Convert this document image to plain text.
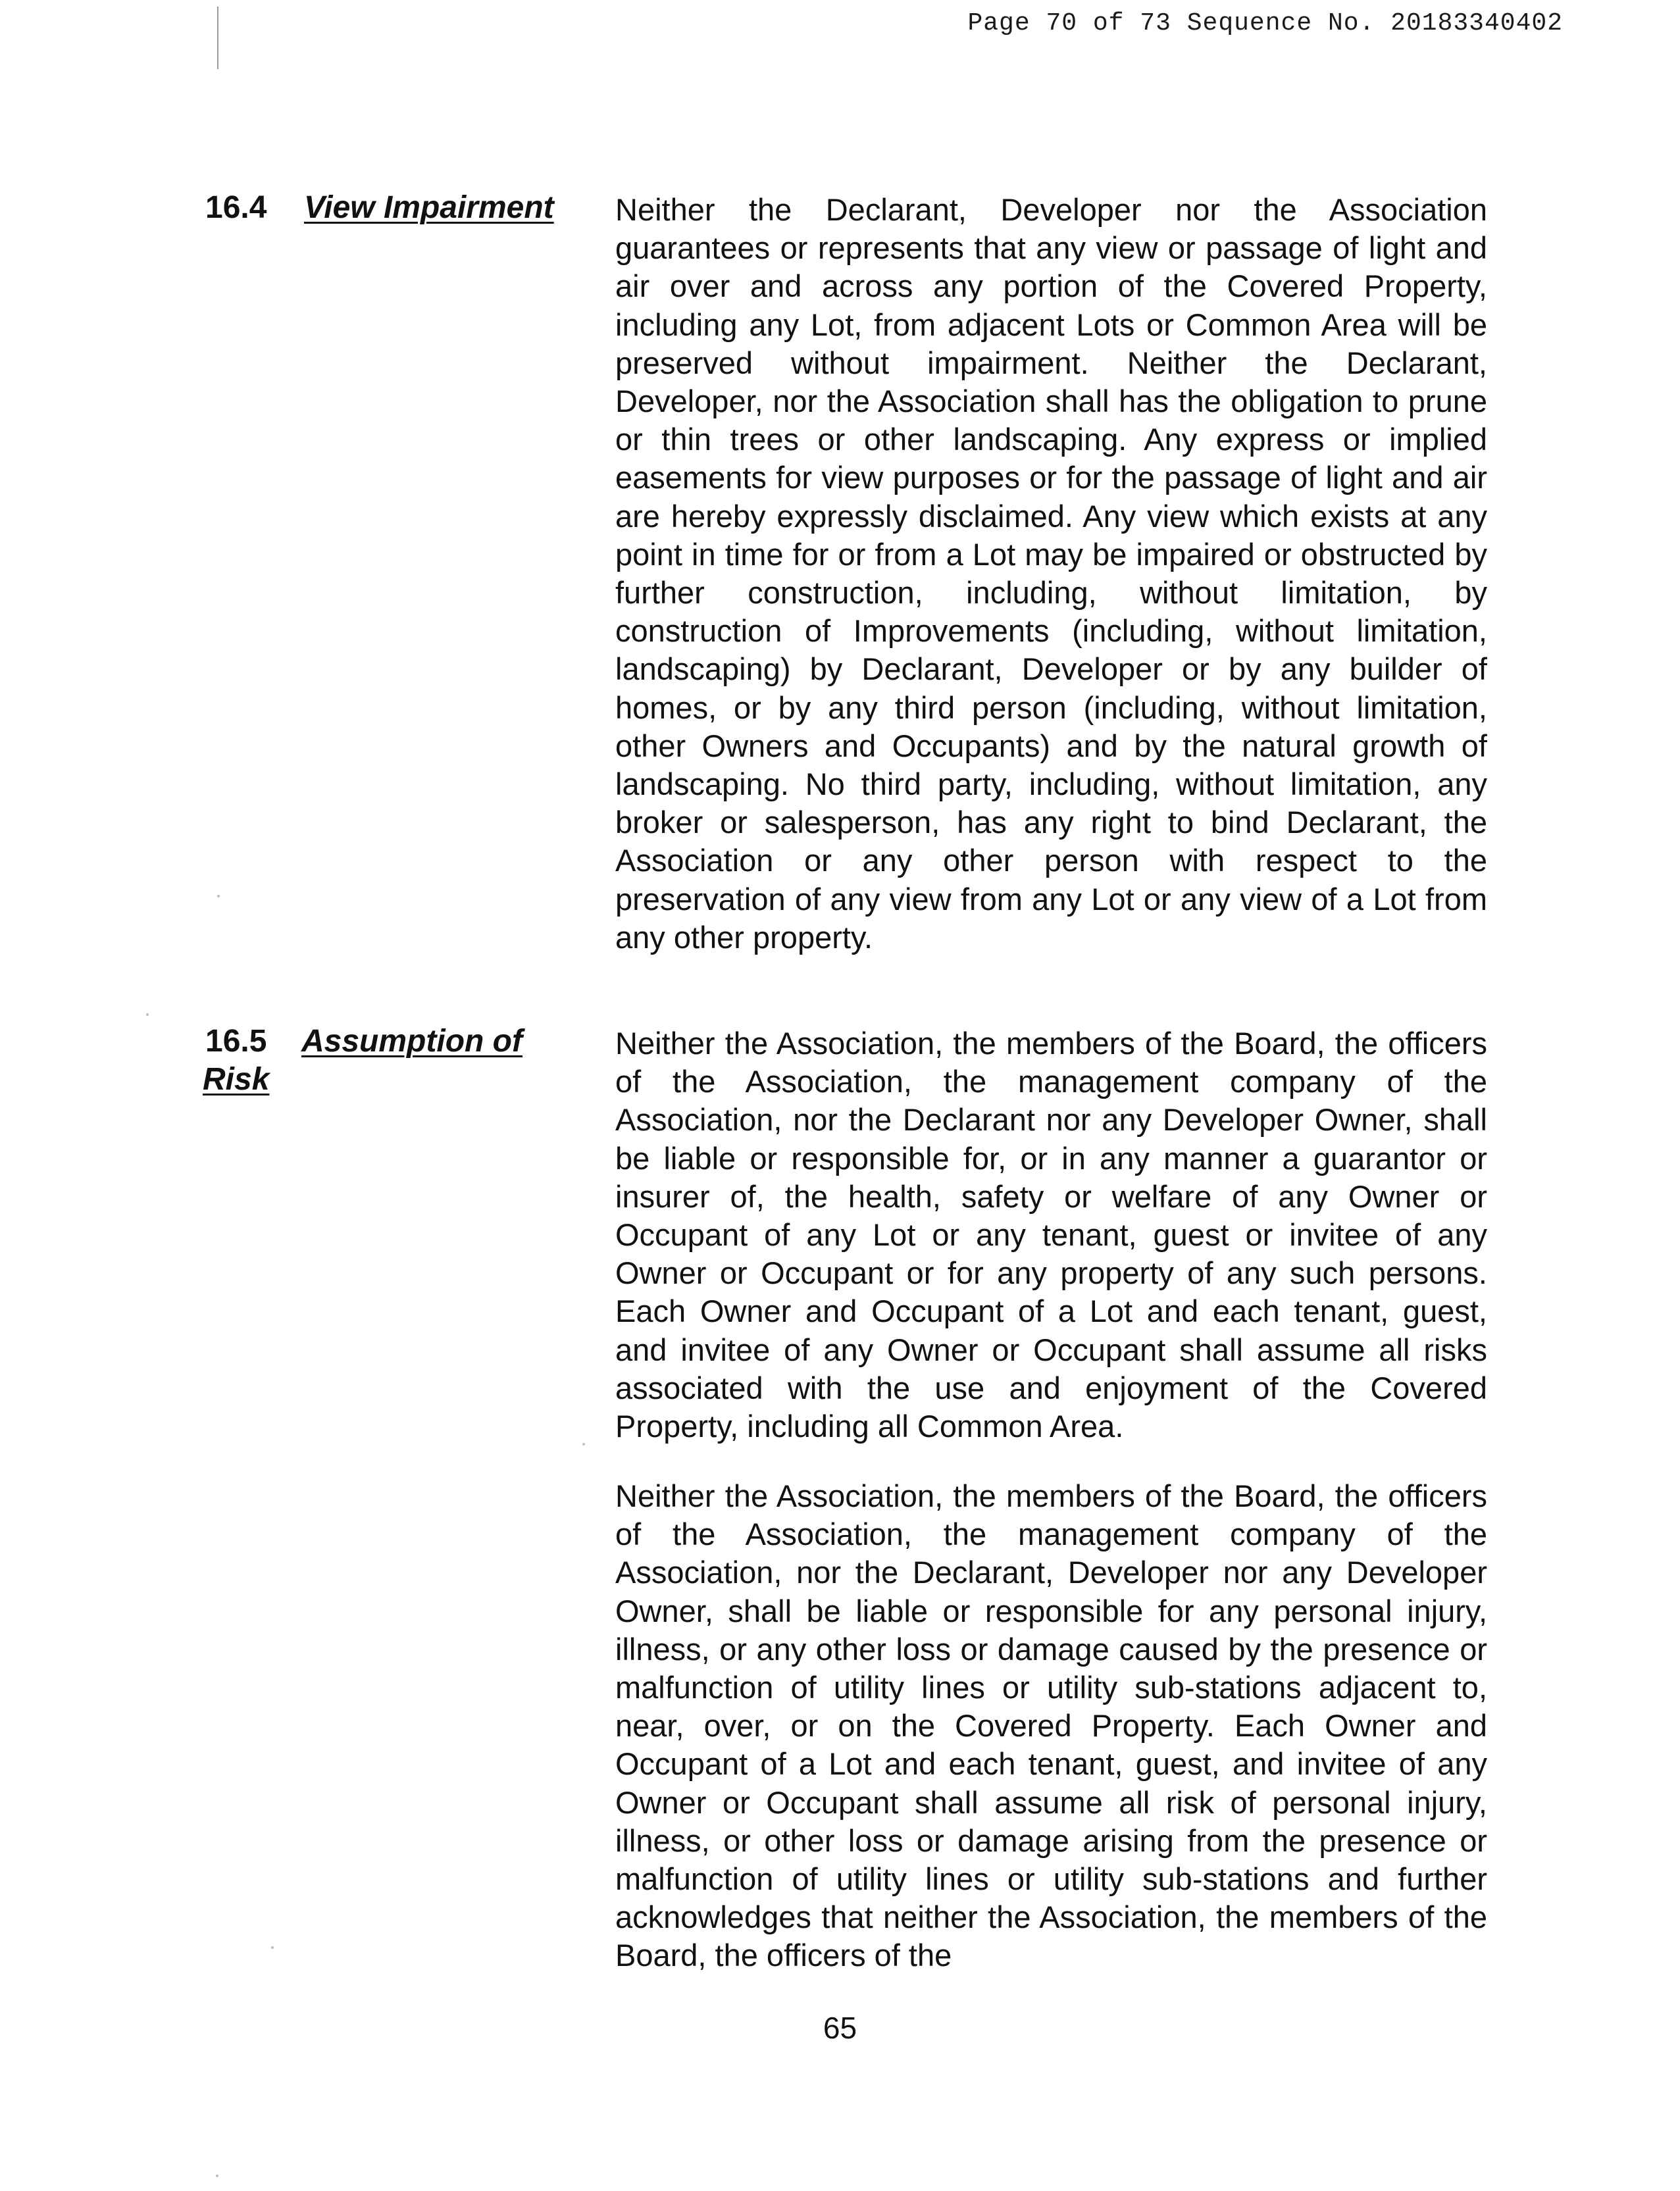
Page 70 of 73 Sequence No. 20183340402
16.4 View Impairment Neither the Declarant, Developer nor the Association guarantees or represents that any view or passage of light and air over and across any portion of the Covered Property, including any Lot, from adjacent Lots or Common Area will be preserved without impairment. Neither the Declarant, Developer, nor the Association shall has the obligation to prune or thin trees or other landscaping. Any express or implied easements for view purposes or for the passage of light and air are hereby expressly disclaimed. Any view which exists at any point in time for or from a Lot may be impaired or obstructed by further construction, including, without limitation, by construction of Improvements (including, without limitation, landscaping) by Declarant, Developer or by any builder of homes, or by any third person (including, without limitation, other Owners and Occupants) and by the natural growth of landscaping. No third party, including, without limitation, any broker or salesperson, has any right to bind Declarant, the Association or any other person with respect to the preservation of any view from any Lot or any view of a Lot from any other property.

16.5 Assumption of
Risk

Neither the Association, the members of the Board, the officers of the Association, the management company of the Association, nor the Declarant nor any Developer Owner, shall be liable or responsible for, or in any manner a guarantor or insurer of, the health, safety or welfare of any Owner or Occupant of any Lot or any tenant, guest or invitee of any Owner or Occupant or for any property of any such persons. Each Owner and Occupant of a Lot and each tenant, guest, and invitee of any Owner or Occupant shall assume all risks associated with the use and enjoyment of the Covered Property, including all Common Area.

Neither the Association, the members of the Board, the officers of the Association, the management company of the Association, nor the Declarant, Developer nor any Developer Owner, shall be liable or responsible for any personal injury, illness, or any other loss or damage caused by the presence or malfunction of utility lines or utility sub-stations adjacent to, near, over, or on the Covered Property. Each Owner and Occupant of a Lot and each tenant, guest, and invitee of any Owner or Occupant shall assume all risk of personal injury, illness, or other loss or damage arising from the presence or malfunction of utility lines or utility sub-stations and further acknowledges that neither the Association, the members of the Board, the officers of the

65
